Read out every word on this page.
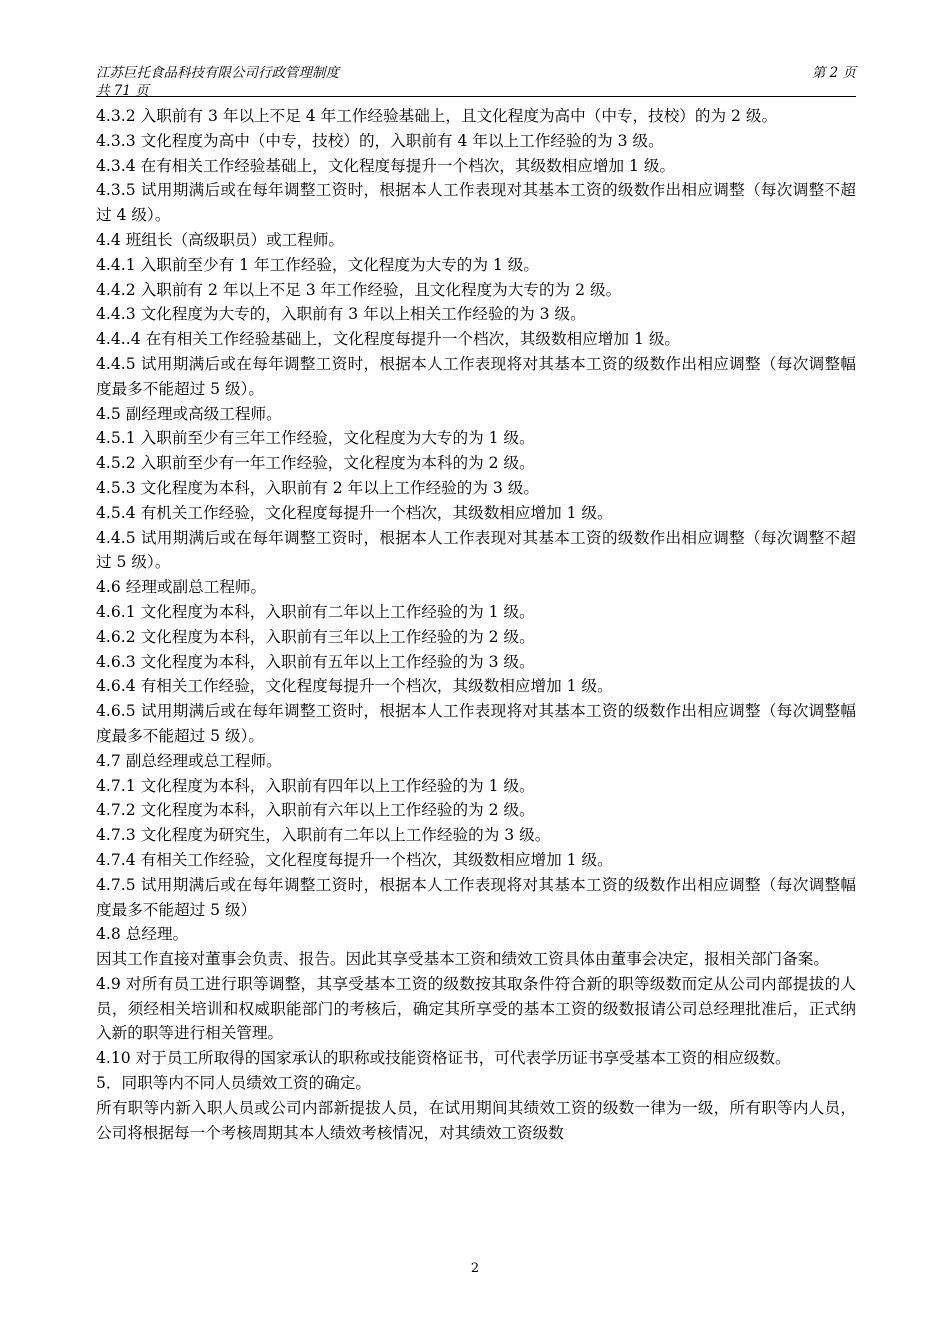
江苏巨托食品科技有限公司行政管理制度	第 2 页
共 71 页

4.3.2 入职前有 3 年以上不足 4 年工作经验基础上，且文化程度为高中（中专，技校）的为 2 级。

4.3.3 文化程度为高中（中专，技校）的，入职前有 4 年以上工作经验的为 3 级。

4.3.4 在有相关工作经验基础上，文化程度每提升一个档次，其级数相应增加 1 级。

4.3.5 试用期满后或在每年调整工资时，根据本人工作表现对其基本工资的级数作出相应调整（每次调整不超过 4 级）。

4.4 班组长（高级职员）或工程师。

4.4.1 入职前至少有 1 年工作经验，文化程度为大专的为 1 级。

4.4.2 入职前有 2 年以上不足 3 年工作经验，且文化程度为大专的为 2 级。

4.4.3 文化程度为大专的，入职前有 3 年以上相关工作经验的为 3 级。

4.4..4 在有相关工作经验基础上，文化程度每提升一个档次，其级数相应增加 1 级。

4.4.5 试用期满后或在每年调整工资时，根据本人工作表现将对其基本工资的级数作出相应调整（每次调整幅度最多不能超过 5 级）。

4.5 副经理或高级工程师。

4.5.1 入职前至少有三年工作经验，文化程度为大专的为 1 级。

4.5.2 入职前至少有一年工作经验，文化程度为本科的为 2 级。

4.5.3 文化程度为本科，入职前有 2 年以上工作经验的为 3 级。

4.5.4 有机关工作经验，文化程度每提升一个档次，其级数相应增加 1 级。

4.4.5 试用期满后或在每年调整工资时，根据本人工作表现对其基本工资的级数作出相应调整（每次调整不超过 5 级）。

4.6 经理或副总工程师。

4.6.1 文化程度为本科，入职前有二年以上工作经验的为 1 级。

4.6.2 文化程度为本科，入职前有三年以上工作经验的为 2 级。

4.6.3 文化程度为本科，入职前有五年以上工作经验的为 3 级。

4.6.4 有相关工作经验，文化程度每提升一个档次，其级数相应增加 1 级。

4.6.5 试用期满后或在每年调整工资时，根据本人工作表现将对其基本工资的级数作出相应调整（每次调整幅度最多不能超过 5 级）。

4.7 副总经理或总工程师。

4.7.1 文化程度为本科，入职前有四年以上工作经验的为 1 级。

4.7.2 文化程度为本科，入职前有六年以上工作经验的为 2 级。

4.7.3 文化程度为研究生，入职前有二年以上工作经验的为 3 级。

4.7.4 有相关工作经验，文化程度每提升一个档次，其级数相应增加 1 级。

4.7.5 试用期满后或在每年调整工资时，根据本人工作表现将对其基本工资的级数作出相应调整（每次调整幅度最多不能超过 5 级）

4.8 总经理。

因其工作直接对董事会负责、报告。因此其享受基本工资和绩效工资具体由董事会决定，报相关部门备案。

4.9 对所有员工进行职等调整，其享受基本工资的级数按其取条件符合新的职等级数而定从公司内部提拔的人员，须经相关培训和权威职能部门的考核后，确定其所享受的基本工资的级数报请公司总经理批准后，正式纳入新的职等进行相关管理。

4.10 对于员工所取得的国家承认的职称或技能资格证书，可代表学历证书享受基本工资的相应级数。

5．同职等内不同人员绩效工资的确定。

所有职等内新入职人员或公司内部新提拔人员，在试用期间其绩效工资的级数一律为一级，所有职等内人员，公司将根据每一个考核周期其本人绩效考核情况，对其绩效工资级数

2
